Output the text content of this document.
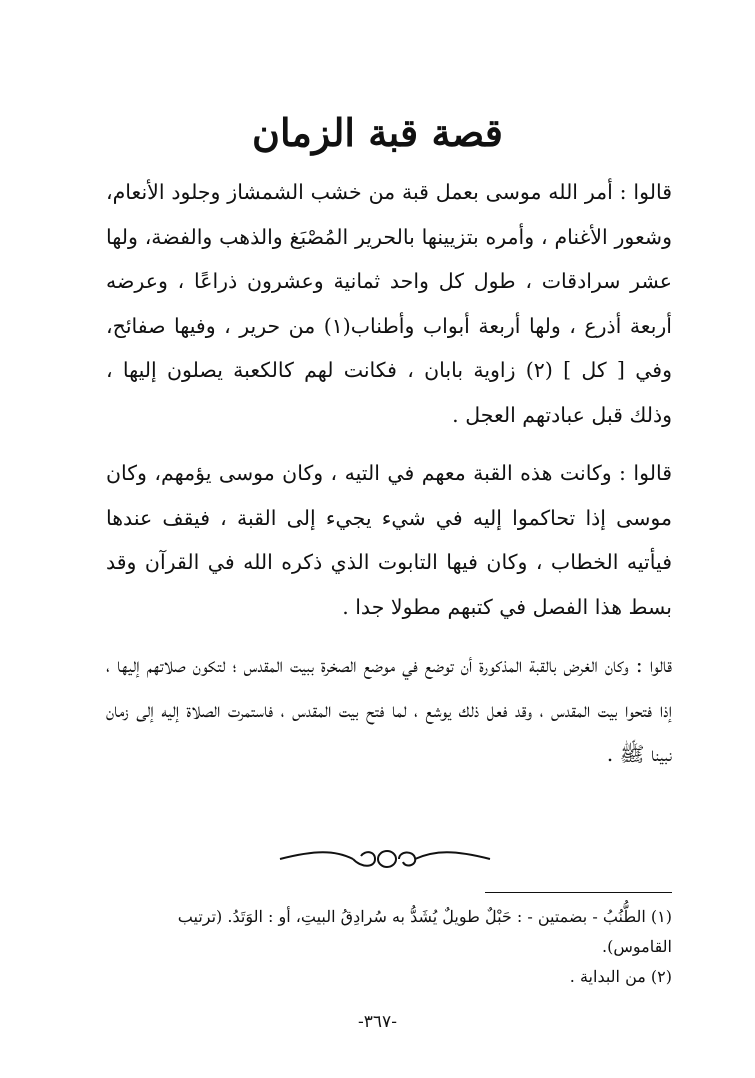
قصة قبة الزمان

قالوا : أمر الله موسى بعمل قبة من خشب الشمشاز وجلود الأنعام، وشعور الأغنام ، وأمره بتزيينها بالحرير المُصْبَغ والذهب والفضة، ولها عشر سرادقات ، طول كل واحد ثمانية وعشرون ذراعًا ، وعرضه أربعة أذرع ، ولها أربعة أبواب وأطناب(١) من حرير ، وفيها صفائح، وفي [ كل ] (٢) زاوية بابان ، فكانت لهم كالكعبة يصلون إليها ، وذلك قبل عبادتهم العجل .

قالوا : وكانت هذه القبة معهم في التيه ، وكان موسى يؤمهم، وكان موسى إذا تحاكموا إليه في شيء يجيء إلى القبة ، فيقف عندها فيأتيه الخطاب ، وكان فيها التابوت الذي ذكره الله في القرآن وقد بسط هذا الفصل في كتبهم مطولا جدا .

قالوا : وكان الغرض بالقبة المذكورة أن توضع في موضع الصخرة ببيت المقدس ؛ لتكون صلاتهم إليها ، إذا فتحوا بيت المقدس ، وقد فعل ذلك يوشع ، لما فتح بيت المقدس ، فاستمرت الصلاة إليه إلى زمان نبينا ﷺ .

(١) الطُّنُبُ - بضمتين - : حَبْلٌ طويلٌ يُشَدُّ به سُرادِقُ البيتِ، أو : الوَتَدُ. (ترتيب القاموس).

(٢) من البداية .

-٣٦٧-
